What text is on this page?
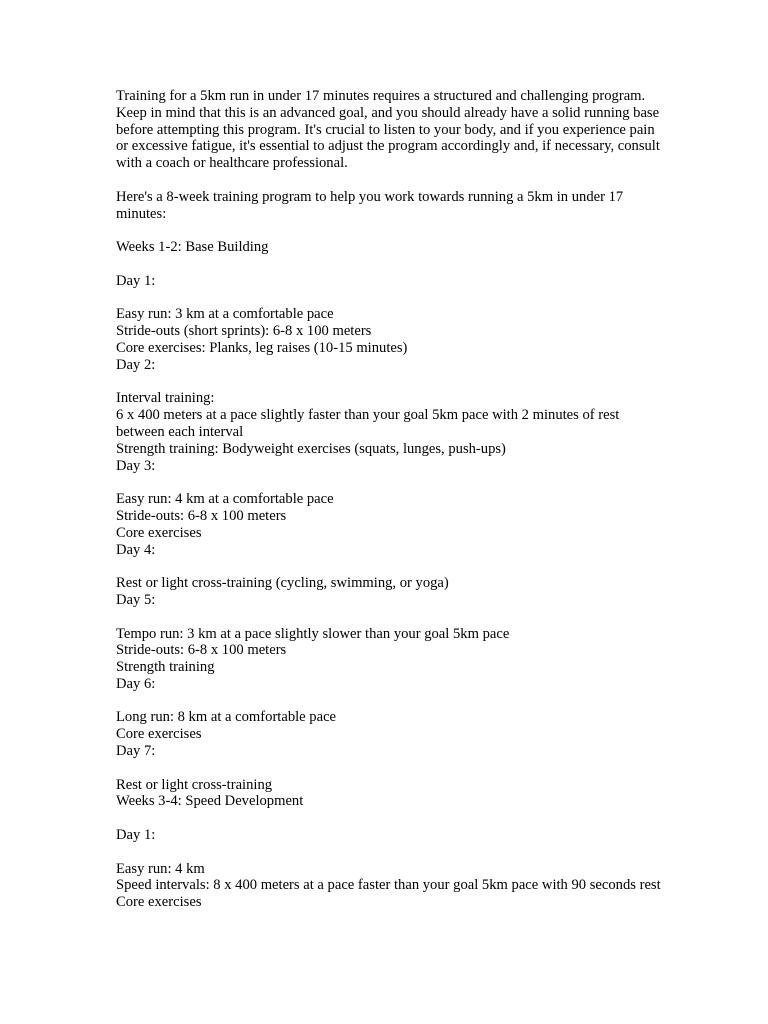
Training for a 5km run in under 17 minutes requires a structured and challenging program. Keep in mind that this is an advanced goal, and you should already have a solid running base before attempting this program. It's crucial to listen to your body, and if you experience pain or excessive fatigue, it's essential to adjust the program accordingly and, if necessary, consult with a coach or healthcare professional.

Here's a 8-week training program to help you work towards running a 5km in under 17 minutes:

Weeks 1-2: Base Building
Day 1:
Easy run: 3 km at a comfortable pace
Stride-outs (short sprints): 6-8 x 100 meters
Core exercises: Planks, leg raises (10-15 minutes)
Day 2:
Interval training:
6 x 400 meters at a pace slightly faster than your goal 5km pace with 2 minutes of rest between each interval
Strength training: Bodyweight exercises (squats, lunges, push-ups)
Day 3:
Easy run: 4 km at a comfortable pace
Stride-outs: 6-8 x 100 meters
Core exercises
Day 4:
Rest or light cross-training (cycling, swimming, or yoga)
Day 5:
Tempo run: 3 km at a pace slightly slower than your goal 5km pace
Stride-outs: 6-8 x 100 meters
Strength training
Day 6:
Long run: 8 km at a comfortable pace
Core exercises
Day 7:
Rest or light cross-training
Weeks 3-4: Speed Development
Day 1:
Easy run: 4 km
Speed intervals: 8 x 400 meters at a pace faster than your goal 5km pace with 90 seconds rest
Core exercises
